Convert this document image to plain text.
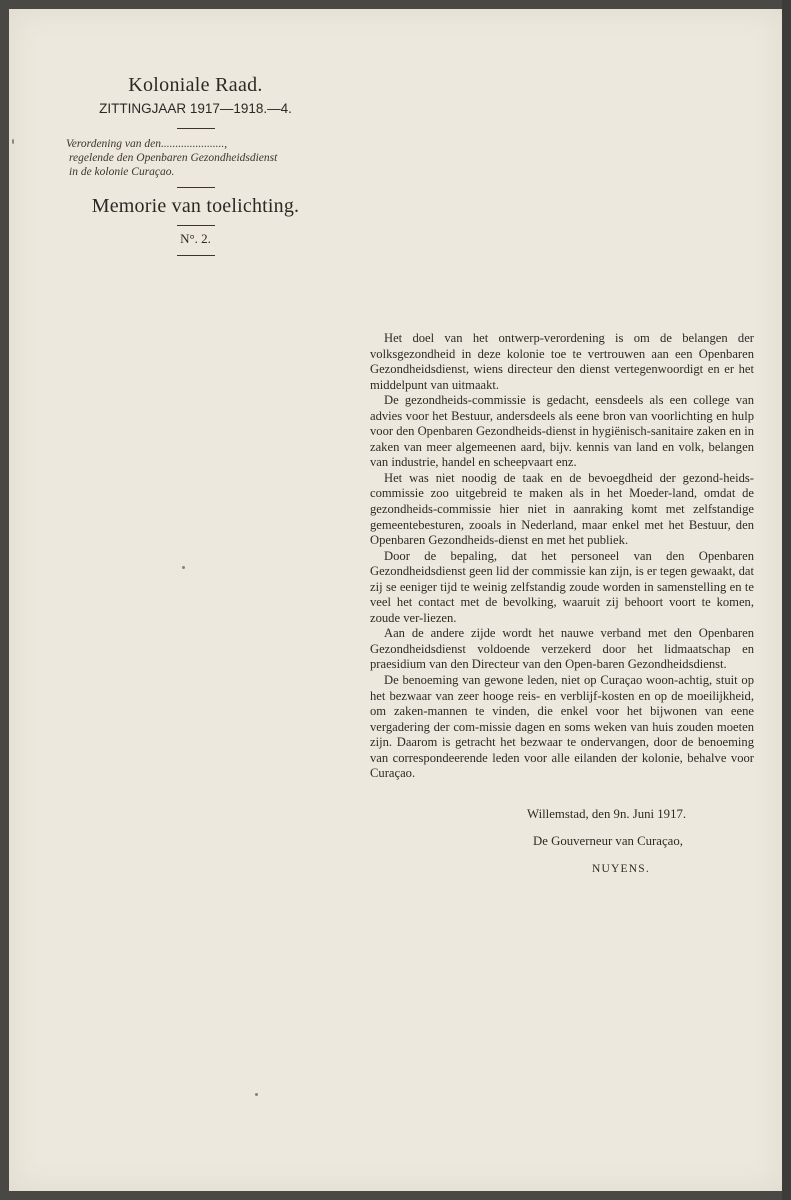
Koloniale Raad.
ZITTINGJAAR 1917—1918.—4.
Verordening van den......................,
regelende den Openbaren Gezondheidsdienst
in de kolonie Curaçao.
Memorie van toelichting.
N°. 2.

Het doel van het ontwerp-verordening is om de belangen der volksgezondheid in deze kolonie toe te vertrouwen aan een Openbaren Gezondheidsdienst, wiens directeur den dienst vertegenwoordigt en er het middelpunt van uitmaakt.

De gezondheids-commissie is gedacht, eensdeels als een college van advies voor het Bestuur, andersdeels als eene bron van voorlichting en hulp voor den Openbaren Gezondheids-dienst in hygiënisch-sanitaire zaken en in zaken van meer algemeenen aard, bijv. kennis van land en volk, belangen van industrie, handel en scheepvaart enz.

Het was niet noodig de taak en de bevoegdheid der gezond-heids-commissie zoo uitgebreid te maken als in het Moeder-land, omdat de gezondheids-commissie hier niet in aanraking komt met zelfstandige gemeentebesturen, zooals in Nederland, maar enkel met het Bestuur, den Openbaren Gezondheids-dienst en met het publiek.

Door de bepaling, dat het personeel van den Openbaren Gezondheidsdienst geen lid der commissie kan zijn, is er tegen gewaakt, dat zij se eeniger tijd te weinig zelfstandig zoude worden in samenstelling en te veel het contact met de bevolking, waaruit zij behoort voort te komen, zoude ver-liezen.

Aan de andere zijde wordt het nauwe verband met den Openbaren Gezondheidsdienst voldoende verzekerd door het lidmaatschap en praesidium van den Directeur van den Open-baren Gezondheidsdienst.

De benoeming van gewone leden, niet op Curaçao woon-achtig, stuit op het bezwaar van zeer hooge reis- en verblijf-kosten en op de moeilijkheid, om zaken-mannen te vinden, die enkel voor het bijwonen van eene vergadering der com-missie dagen en soms weken van huis zouden moeten zijn. Daarom is getracht het bezwaar te ondervangen, door de benoeming van correspondeerende leden voor alle eilanden der kolonie, behalve voor Curaçao.

Willemstad, den 9n. Juni 1917.
De Gouverneur van Curaçao,
NUYENS.
